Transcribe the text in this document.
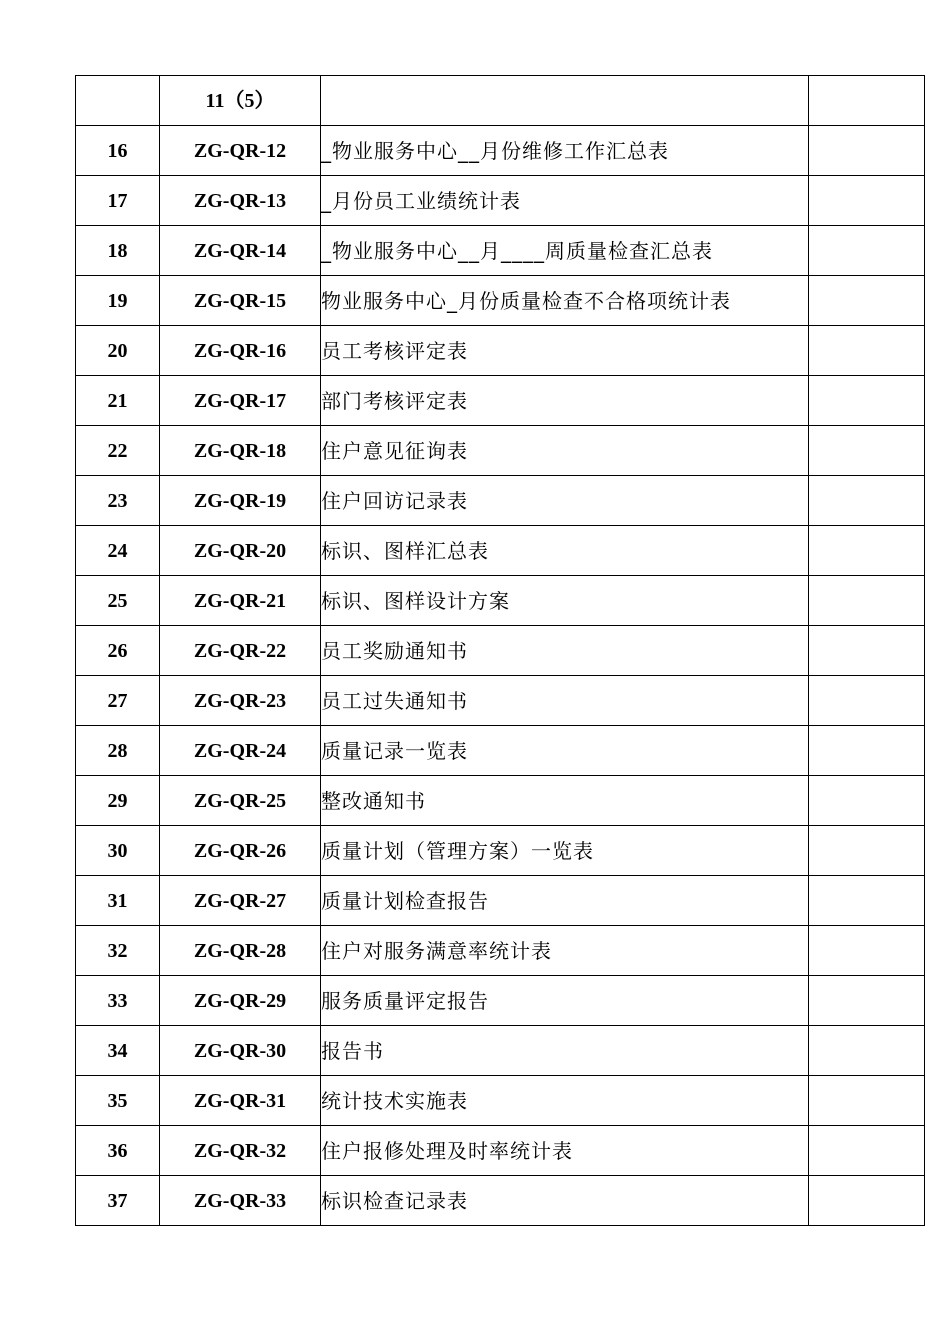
	11（5）		
16	ZG-QR-12	_物业服务中心__月份维修工作汇总表	
17	ZG-QR-13	_月份员工业绩统计表	
18	ZG-QR-14	_物业服务中心__月____周质量检查汇总表	
19	ZG-QR-15	物业服务中心_月份质量检查不合格项统计表	
20	ZG-QR-16	员工考核评定表	
21	ZG-QR-17	部门考核评定表	
22	ZG-QR-18	住户意见征询表	
23	ZG-QR-19	住户回访记录表	
24	ZG-QR-20	标识、图样汇总表	
25	ZG-QR-21	标识、图样设计方案	
26	ZG-QR-22	员工奖励通知书	
27	ZG-QR-23	员工过失通知书	
28	ZG-QR-24	质量记录一览表	
29	ZG-QR-25	整改通知书	
30	ZG-QR-26	质量计划（管理方案）一览表	
31	ZG-QR-27	质量计划检查报告	
32	ZG-QR-28	住户对服务满意率统计表	
33	ZG-QR-29	服务质量评定报告	
34	ZG-QR-30	报告书	
35	ZG-QR-31	统计技术实施表	
36	ZG-QR-32	住户报修处理及时率统计表	
37	ZG-QR-33	标识检查记录表	
